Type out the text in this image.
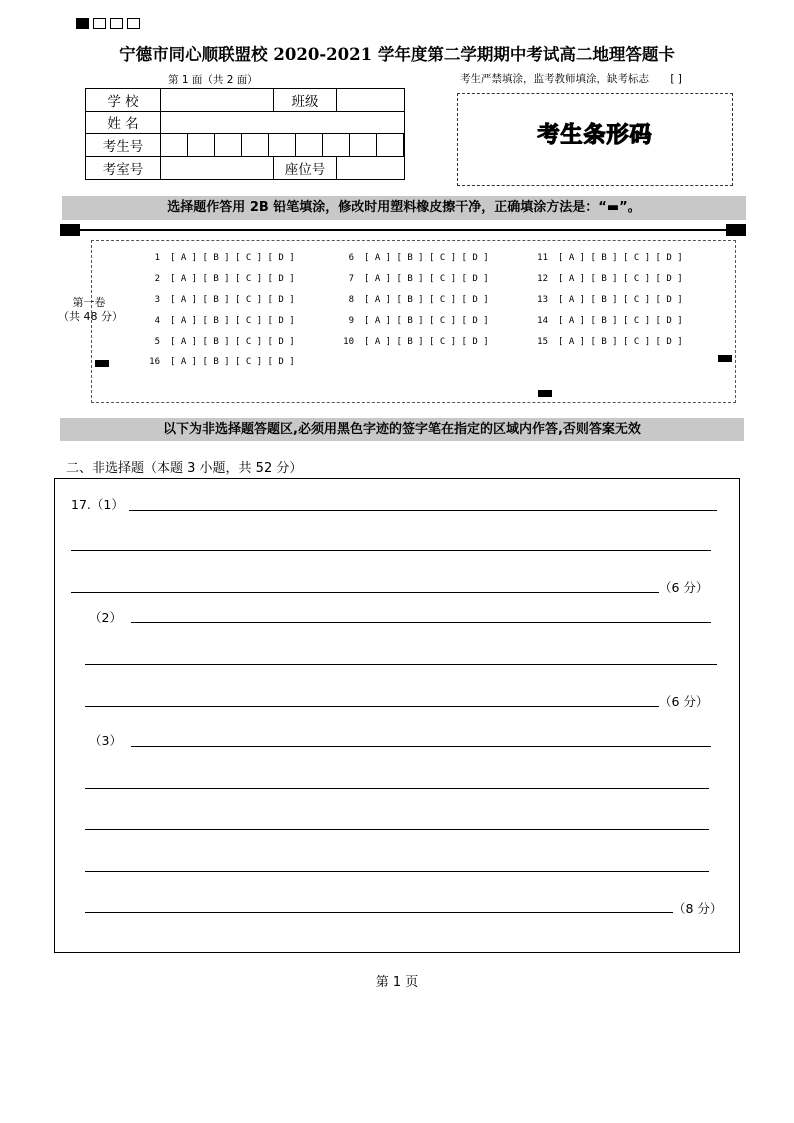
宁德市同心顺联盟校 2020-2021 学年度第二学期期中考试高二地理答题卡
第 1 面（共 2 面）	考生严禁填涂，监考教师填涂，缺考标志 [ ]
学 校		班级	
姓 名			
考生号			

考室号		座位号	
考生条形码
选择题作答用 2B 铅笔填涂，修改时用塑料橡皮擦干净，正确填涂方法是：“▬”。
第一卷
（共 48 分）
1 [ A ] [ B ] [ C ] [ D ]
2 [ A ] [ B ] [ C ] [ D ]
3 [ A ] [ B ] [ C ] [ D ]
4 [ A ] [ B ] [ C ] [ D ]
5 [ A ] [ B ] [ C ] [ D ]
16 [ A ] [ B ] [ C ] [ D ]
6 [ A ] [ B ] [ C ] [ D ]
7 [ A ] [ B ] [ C ] [ D ]
8 [ A ] [ B ] [ C ] [ D ]
9 [ A ] [ B ] [ C ] [ D ]
10 [ A ] [ B ] [ C ] [ D ]
11 [ A ] [ B ] [ C ] [ D ]
12 [ A ] [ B ] [ C ] [ D ]
13 [ A ] [ B ] [ C ] [ D ]
14 [ A ] [ B ] [ C ] [ D ]
15 [ A ] [ B ] [ C ] [ D ]
以下为非选择题答题区,必须用黑色字迹的签字笔在指定的区域内作答,否则答案无效
二、非选择题（本题 3 小题，共 52 分）
17.（1）
（6 分）
（2）
（6 分）
（3）
（8 分）
第 1 页
